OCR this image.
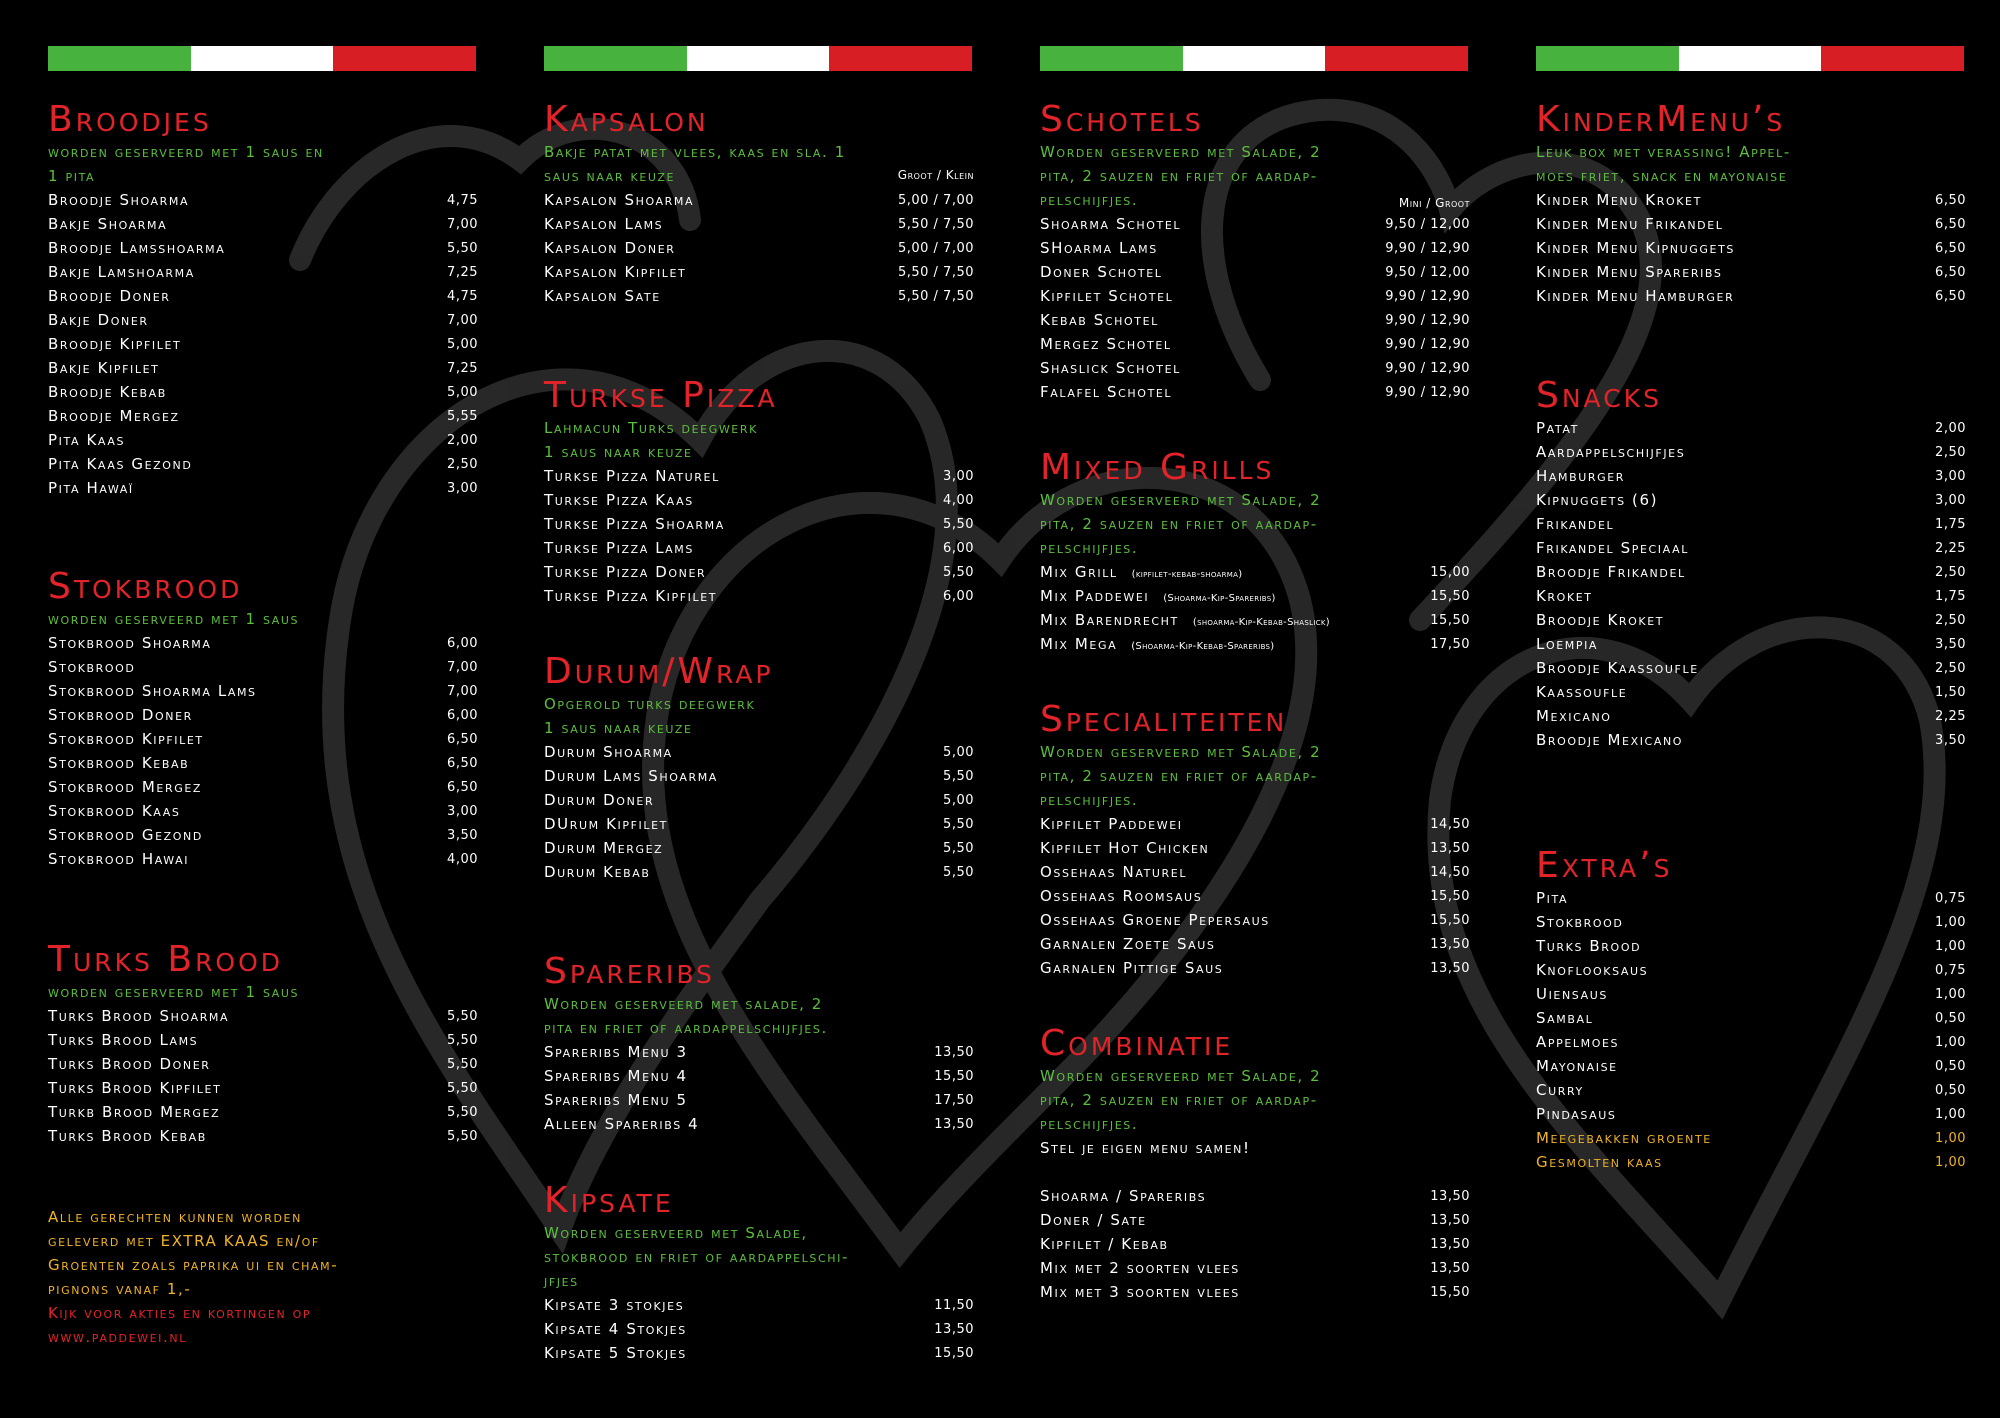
Broodjes
worden geserveerd met 1 saus en
1 pita
Broodje Shoarma	4,75
Bakje Shoarma	7,00
Broodje Lamsshoarma	5,50
Bakje Lamshoarma	7,25
Broodje Doner	4,75
Bakje Doner	7,00
Broodje Kipfilet	5,00
Bakje Kipfilet	7,25
Broodje Kebab	5,00
Broodje Mergez	5,55
Pita Kaas	2,00
Pita Kaas Gezond	2,50
Pita Hawaï	3,00
Stokbrood
worden geserveerd met 1 saus
Stokbrood Shoarma	6,00
Stokbrood	7,00
Stokbrood Shoarma Lams	7,00
Stokbrood Doner	6,00
Stokbrood Kipfilet	6,50
Stokbrood Kebab	6,50
Stokbrood Mergez	6,50
Stokbrood Kaas	3,00
Stokbrood Gezond	3,50
Stokbrood Hawai	4,00
Turks Brood
worden geserveerd met 1 saus
Turks Brood Shoarma	5,50
Turks Brood Lams	5,50
Turks Brood Doner	5,50
Turks Brood Kipfilet	5,50
Turkb Brood Mergez	5,50
Turks Brood Kebab	5,50
Alle gerechten kunnen worden
geleverd met EXTRA KAAS en/of
Groenten zoals paprika ui en cham-
pignons vanaf 1,-
Kijk voor akties en kortingen op
www.paddewei.nl
Kapsalon
Bakje patat met vlees, kaas en sla. 1
saus naar keuze	Groot / Klein
Kapsalon Shoarma	5,00 / 7,00
Kapsalon Lams	5,50 / 7,50
Kapsalon Doner	5,00 / 7,00
Kapsalon Kipfilet	5,50 / 7,50
Kapsalon Sate	5,50 / 7,50
Turkse Pizza
Lahmacun Turks deegwerk
1 saus naar keuze
Turkse Pizza Naturel	3,00
Turkse Pizza Kaas	4,00
Turkse Pizza Shoarma	5,50
Turkse Pizza Lams	6,00
Turkse Pizza Doner	5,50
Turkse Pizza Kipfilet	6,00
Durum/Wrap
Opgerold turks deegwerk
1 saus naar keuze
Durum Shoarma	5,00
Durum Lams Shoarma	5,50
Durum Doner	5,00
DUrum Kipfilet	5,50
Durum Mergez	5,50
Durum Kebab	5,50
Spareribs
Worden geserveerd met salade, 2
pita en friet of aardappelschijfjes.
Spareribs Menu 3	13,50
Spareribs Menu 4	15,50
Spareribs Menu 5	17,50
Alleen Spareribs 4	13,50
Kipsate
Worden geserveerd met Salade,
stokbrood en friet of aardappelschi-
jfjes
Kipsate 3 stokjes	11,50
Kipsate 4 Stokjes	13,50
Kipsate 5 Stokjes	15,50
Schotels
Worden geserveerd met Salade, 2
pita, 2 sauzen en friet of aardap-
pelschijfjes.	Mini / Groot
Shoarma Schotel	9,50 / 12,00
SHoarma Lams	9,90 / 12,90
Doner Schotel	9,50 / 12,00
Kipfilet Schotel	9,90 / 12,90
Kebab Schotel	9,90 / 12,90
Mergez Schotel	9,90 / 12,90
Shaslick Schotel	9,90 / 12,90
Falafel Schotel	9,90 / 12,90
Mixed Grills
Worden geserveerd met Salade, 2
pita, 2 sauzen en friet of aardap-
pelschijfjes.
Mix Grill (kipfilet-kebab-shoarma)	15,00
Mix Paddewei (Shoarma-Kip-Spareribs)	15,50
Mix Barendrecht (shoarma-Kip-Kebab-Shaslick)	15,50
Mix Mega (Shoarma-Kip-Kebab-Spareribs)	17,50
Specialiteiten
Worden geserveerd met Salade, 2
pita, 2 sauzen en friet of aardap-
pelschijfjes.
Kipfilet Paddewei	14,50
Kipfilet Hot Chicken	13,50
Ossehaas Naturel	14,50
Ossehaas Roomsaus	15,50
Ossehaas Groene Pepersaus	15,50
Garnalen Zoete Saus	13,50
Garnalen Pittige Saus	13,50
Combinatie
Worden geserveerd met Salade, 2
pita, 2 sauzen en friet of aardap-
pelschijfjes.
Stel je eigen menu samen!
Shoarma / Spareribs	13,50
Doner / Sate	13,50
Kipfilet / Kebab	13,50
Mix met 2 soorten vlees	13,50
Mix met 3 soorten vlees	15,50
KinderMenu’s
Leuk box met verassing! Appel-
moes friet, snack en mayonaise
Kinder Menu Kroket	6,50
Kinder Menu Frikandel	6,50
Kinder Menu Kipnuggets	6,50
Kinder Menu Spareribs	6,50
Kinder Menu Hamburger	6,50
Snacks
Patat	2,00
Aardappelschijfjes	2,50
Hamburger	3,00
Kipnuggets (6)	3,00
Frikandel	1,75
Frikandel Speciaal	2,25
Broodje Frikandel	2,50
Kroket	1,75
Broodje Kroket	2,50
Loempia	3,50
Broodje Kaassoufle	2,50
Kaassoufle	1,50
Mexicano	2,25
Broodje Mexicano	3,50
Extra’s
Pita	0,75
Stokbrood	1,00
Turks Brood	1,00
Knoflooksaus	0,75
Uiensaus	1,00
Sambal	0,50
Appelmoes	1,00
Mayonaise	0,50
Curry	0,50
Pindasaus	1,00
Meegebakken groente	1,00
Gesmolten kaas	1,00
